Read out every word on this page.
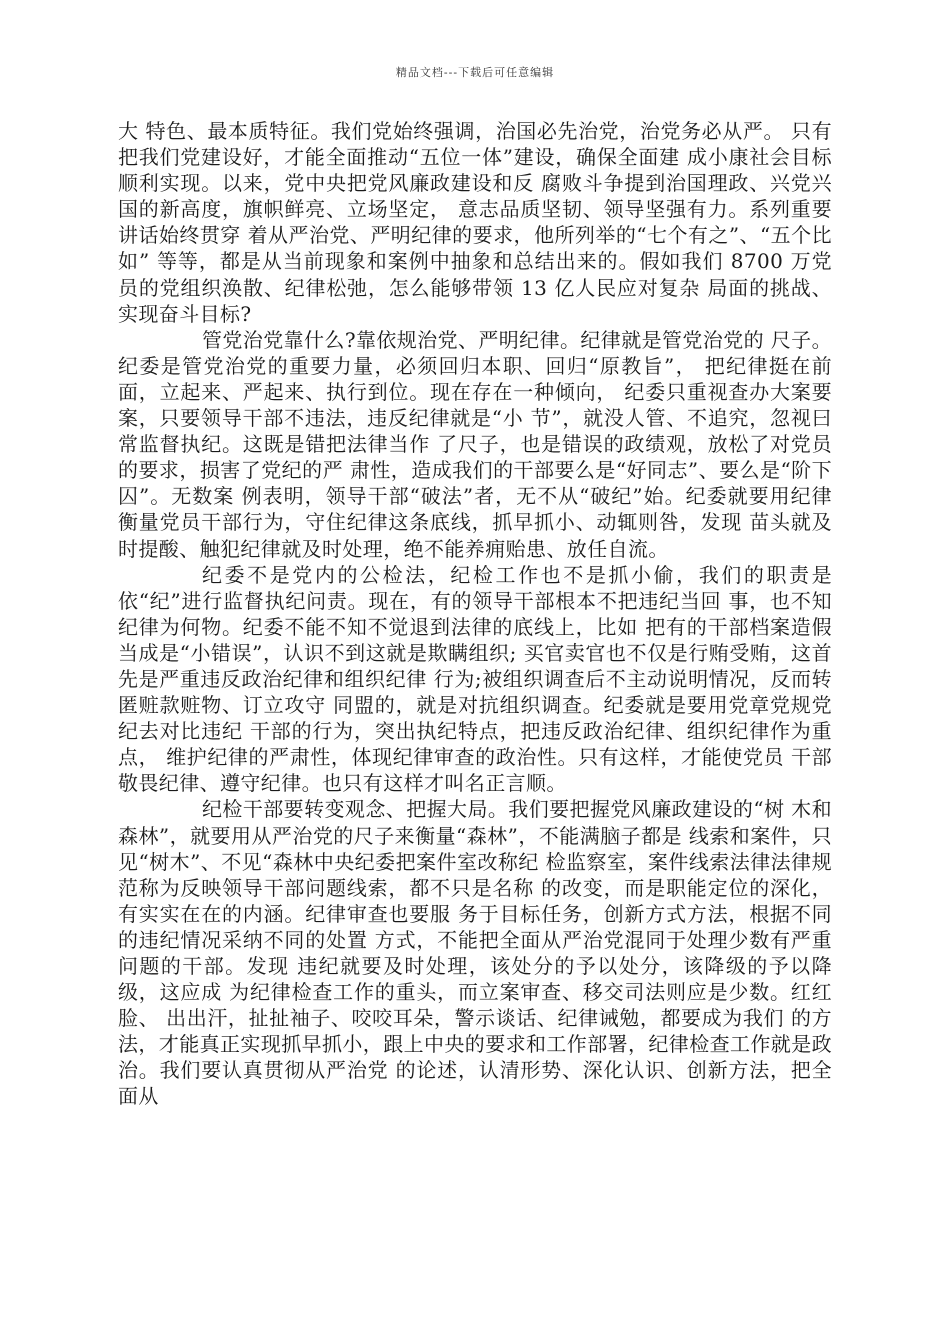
精品文档---下载后可任意编辑

大 特色、最本质特征。我们党始终强调，治国必先治党，治党务必从严。 只有把我们党建设好，才能全面推动“五位一体”建设，确保全面建 成小康社会目标顺利实现。以来，党中央把党风廉政建设和反 腐败斗争提到治国理政、兴党兴国的新高度，旗帜鲜亮、立场坚定， 意志品质坚韧、领导坚强有力。系列重要讲话始终贯穿 着从严治党、严明纪律的要求，他所列举的“七个有之”、“五个比如” 等等，都是从当前现象和案例中抽象和总结出来的。假如我们 8700 万党员的党组织涣散、纪律松弛，怎么能够带领 13 亿人民应对复杂 局面的挑战、实现奋斗目标?

管党治党靠什么?靠依规治党、严明纪律。纪律就是管党治党的 尺子。纪委是管党治党的重要力量，必须回归本职、回归“原教旨”， 把纪律挺在前面，立起来、严起来、执行到位。现在存在一种倾向， 纪委只重视查办大案要案，只要领导干部不违法，违反纪律就是“小 节”，就没人管、不追究，忽视曰常监督执纪。这既是错把法律当作 了尺子，也是错误的政绩观，放松了对党员的要求，损害了党纪的严 肃性，造成我们的干部要么是“好同志”、要么是“阶下囚”。无数案 例表明，领导干部“破法”者，无不从“破纪”始。纪委就要用纪律 衡量党员干部行为，守住纪律这条底线，抓早抓小、动辄则咎，发现 苗头就及时提酸、触犯纪律就及时处理，绝不能养痈贻患、放任自流。

纪委不是党内的公检法，纪检工作也不是抓小偷，我们的职责是 依“纪”进行监督执纪问责。现在，有的领导干部根本不把违纪当回 事，也不知纪律为何物。纪委不能不知不觉退到法律的底线上，比如 把有的干部档案造假当成是“小错误”，认识不到这就是欺瞒组织; 买官卖官也不仅是行贿受贿，这首先是严重违反政治纪律和组织纪律 行为;被组织调查后不主动说明情况，反而转匿赃款赃物、订立攻守 同盟的，就是对抗组织调查。纪委就是要用党章党规党纪去对比违纪 干部的行为，突出执纪特点，把违反政治纪律、组织纪律作为重点， 维护纪律的严肃性，体现纪律审查的政治性。只有这样，才能使党员 干部敬畏纪律、遵守纪律。也只有这样才叫名正言顺。

纪检干部要转变观念、把握大局。我们要把握党风廉政建设的“树 木和森林”，就要用从严治党的尺子来衡量“森林”，不能满脑子都是 线索和案件，只见“树木”、不见“森林中央纪委把案件室改称纪 检监察室，案件线索法律法律规范称为反映领导干部问题线索，都不只是名称 的改变，而是职能定位的深化，有实实在在的内涵。纪律审查也要服 务于目标任务，创新方式方法，根据不同的违纪情况采纳不同的处置 方式，不能把全面从严治党混同于处理少数有严重问题的干部。发现 违纪就要及时处理，该处分的予以处分，该降级的予以降级，这应成 为纪律检查工作的重头，而立案审查、移交司法则应是少数。红红脸、 出出汗，扯扯袖子、咬咬耳朵，警示谈话、纪律诫勉，都要成为我们 的方法，才能真正实现抓早抓小，跟上中央的要求和工作部署，纪律检查工作就是政治。我们要认真贯彻从严治党 的论述，认清形势、深化认识、创新方法，把全面从
